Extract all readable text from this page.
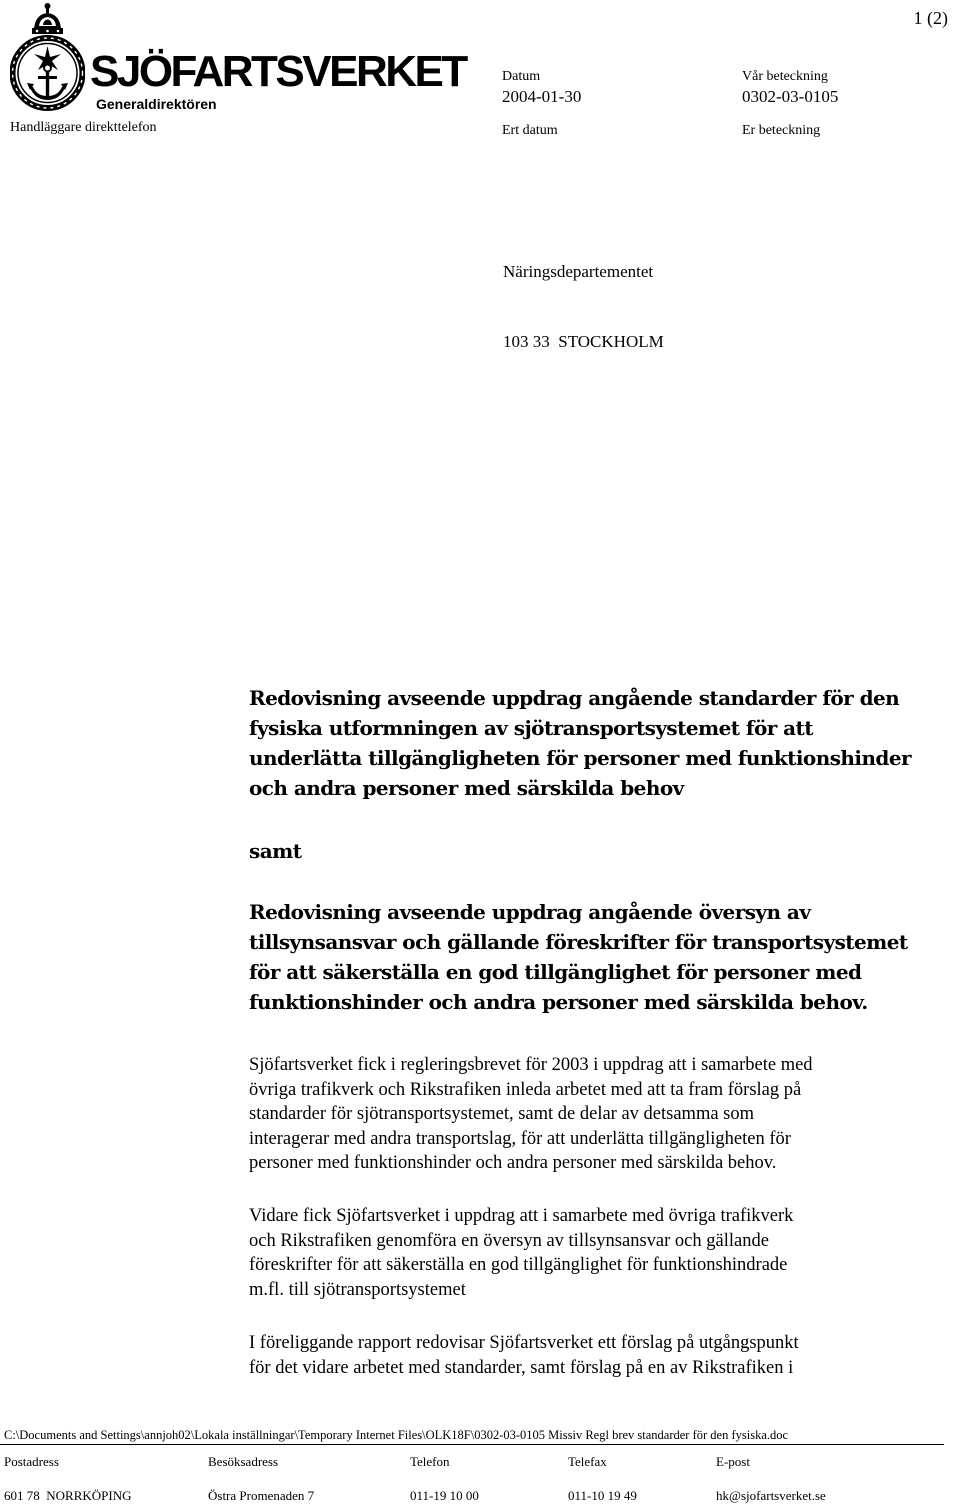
1 (2)
SJÖFARTSVERKET
Generaldirektören
Handläggare direkttelefon
Datum
2004-01-30
Ert datum
Vår beteckning
0302-03-0105
Er beteckning
Näringsdepartementet
103 33  STOCKHOLM
Redovisning avseende uppdrag angående standarder för den
fysiska utformningen av sjötransportsystemet för att
underlätta tillgängligheten för personer med funktionshinder
och andra personer med särskilda behov
samt
Redovisning avseende uppdrag angående översyn av
tillsynsansvar och gällande föreskrifter för transportsystemet
för att säkerställa en god tillgänglighet för personer med
funktionshinder och andra personer med särskilda behov.
Sjöfartsverket fick i regleringsbrevet för 2003 i uppdrag att i samarbete med
övriga trafikverk och Rikstrafiken inleda arbetet med att ta fram förslag på
standarder för sjötransportsystemet, samt de delar av detsamma som
interagerar med andra transportslag, för att underlätta tillgängligheten för
personer med funktionshinder och andra personer med särskilda behov.
Vidare fick Sjöfartsverket i uppdrag att i samarbete med övriga trafikverk
och Rikstrafiken genomföra en översyn av tillsynsansvar och gällande
föreskrifter för att säkerställa en god tillgänglighet för funktionshindrade
m.fl. till sjötransportsystemet
I föreliggande rapport redovisar Sjöfartsverket ett förslag på utgångspunkt
för det vidare arbetet med standarder, samt förslag på en av Rikstrafiken i
C:\Documents and Settings\annjoh02\Lokala inställningar\Temporary Internet Files\OLK18F\0302-03-0105 Missiv Regl brev standarder för den fysiska.doc
Postadress	Besöksadress	Telefon	Telefax	E-post
601 78  NORRKÖPING	Östra Promenaden 7	011-19 10 00	011-10 19 49	hk@sjofartsverket.se
